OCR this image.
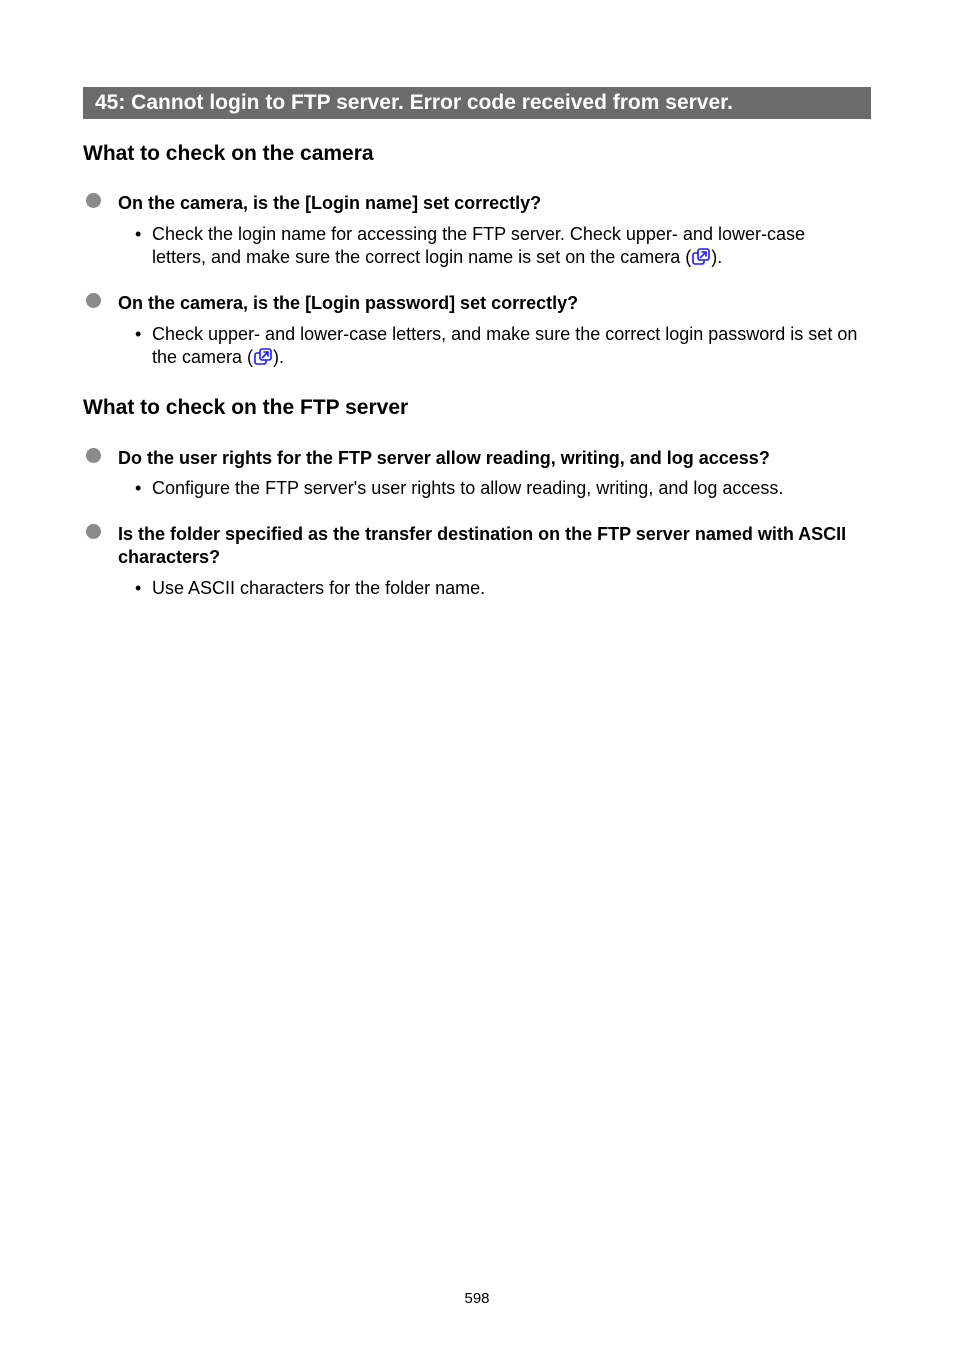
45: Cannot login to FTP server. Error code received from server.
What to check on the camera
On the camera, is the [Login name] set correctly?
• Check the login name for accessing the FTP server. Check upper- and lower-case letters, and make sure the correct login name is set on the camera ( ).
On the camera, is the [Login password] set correctly?
• Check upper- and lower-case letters, and make sure the correct login password is set on the camera ( ).
What to check on the FTP server
Do the user rights for the FTP server allow reading, writing, and log access?
• Configure the FTP server's user rights to allow reading, writing, and log access.
Is the folder specified as the transfer destination on the FTP server named with ASCII characters?
• Use ASCII characters for the folder name.
598
